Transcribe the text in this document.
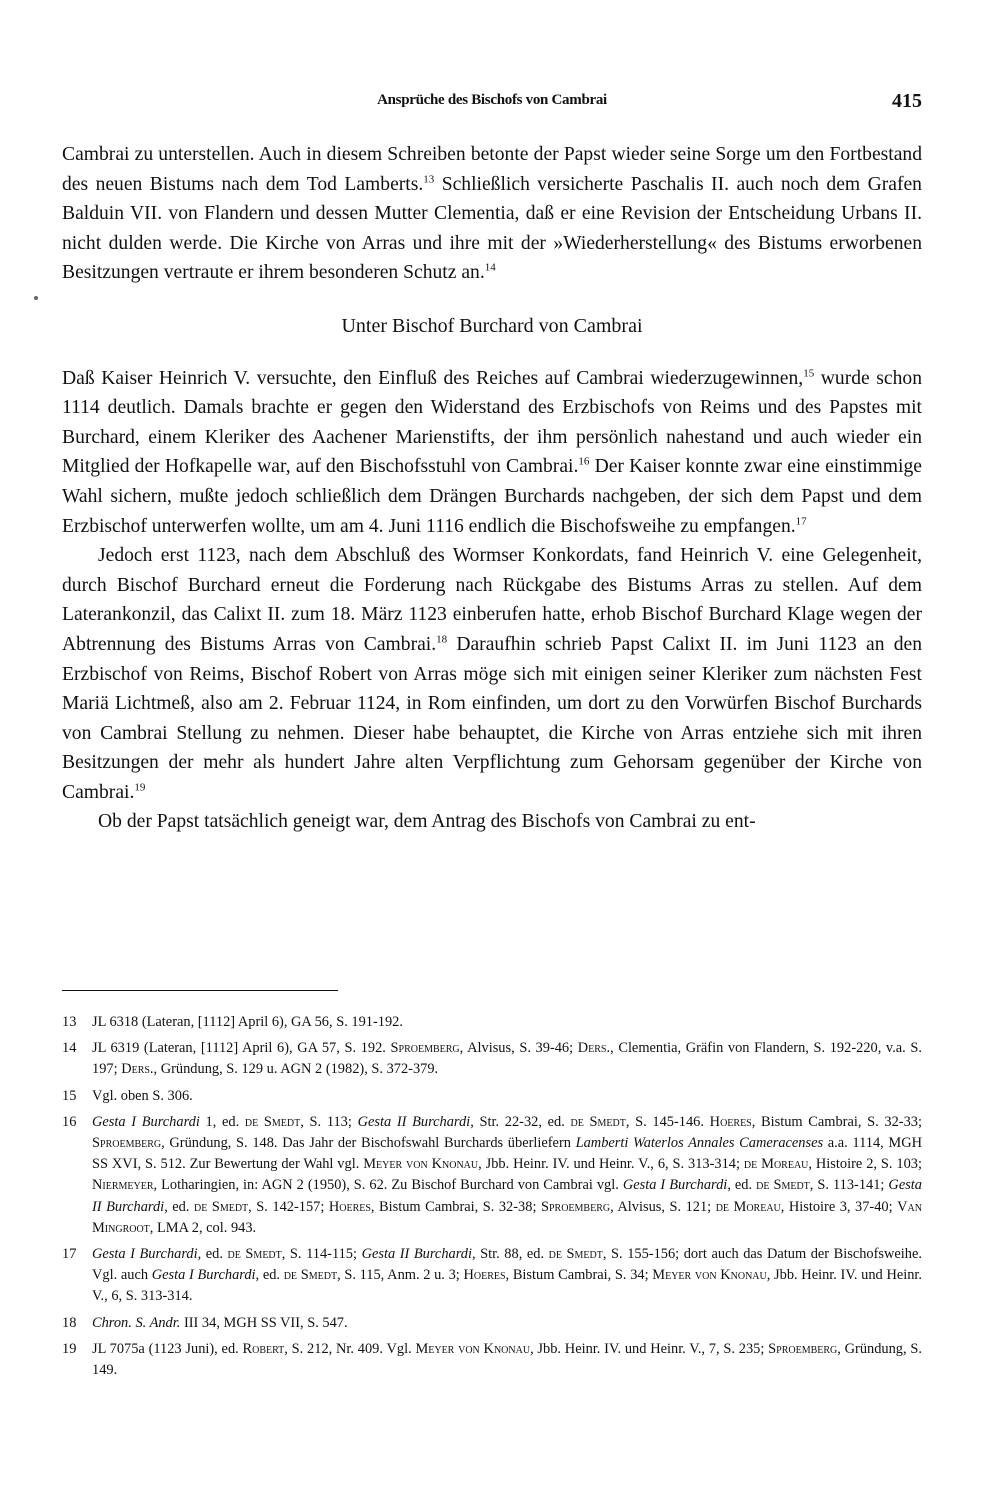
Ansprüche des Bischofs von Cambrai	415

Cambrai zu unterstellen. Auch in diesem Schreiben betonte der Papst wieder seine Sorge um den Fortbestand des neuen Bistums nach dem Tod Lamberts.$^{13}$ Schließlich versicherte Paschalis II. auch noch dem Grafen Balduin VII. von Flandern und dessen Mutter Clementia, daß er eine Revision der Entscheidung Urbans II. nicht dulden werde. Die Kirche von Arras und ihre mit der »Wiederherstellung« des Bistums erworbenen Besitzungen vertraute er ihrem besonderen Schutz an.$^{14}$

Unter Bischof Burchard von Cambrai

Daß Kaiser Heinrich V. versuchte, den Einfluß des Reiches auf Cambrai wiederzugewinnen,$^{15}$ wurde schon 1114 deutlich. Damals brachte er gegen den Widerstand des Erzbischofs von Reims und des Papstes mit Burchard, einem Kleriker des Aachener Marienstifts, der ihm persönlich nahestand und auch wieder ein Mitglied der Hofkapelle war, auf den Bischofsstuhl von Cambrai.$^{16}$ Der Kaiser konnte zwar eine einstimmige Wahl sichern, mußte jedoch schließlich dem Drängen Burchards nachgeben, der sich dem Papst und dem Erzbischof unterwerfen wollte, um am 4. Juni 1116 endlich die Bischofsweihe zu empfangen.$^{17}$

Jedoch erst 1123, nach dem Abschluß des Wormser Konkordats, fand Heinrich V. eine Gelegenheit, durch Bischof Burchard erneut die Forderung nach Rückgabe des Bistums Arras zu stellen. Auf dem Laterankonzil, das Calixt II. zum 18. März 1123 einberufen hatte, erhob Bischof Burchard Klage wegen der Abtrennung des Bistums Arras von Cambrai.$^{18}$ Daraufhin schrieb Papst Calixt II. im Juni 1123 an den Erzbischof von Reims, Bischof Robert von Arras möge sich mit einigen seiner Kleriker zum nächsten Fest Mariä Lichtmeß, also am 2. Februar 1124, in Rom einfinden, um dort zu den Vorwürfen Bischof Burchards von Cambrai Stellung zu nehmen. Dieser habe behauptet, die Kirche von Arras entziehe sich mit ihren Besitzungen der mehr als hundert Jahre alten Verpflichtung zum Gehorsam gegenüber der Kirche von Cambrai.$^{19}$

Ob der Papst tatsächlich geneigt war, dem Antrag des Bischofs von Cambrai zu ent-

13 JL 6318 (Lateran, [1112] April 6), GA 56, S. 191-192.

14 JL 6319 (Lateran, [1112] April 6), GA 57, S. 192. Sproemberg, Alvisus, S. 39-46; Ders., Clementia, Gräfin von Flandern, S. 192-220, v.a. S. 197; Ders., Gründung, S. 129 u. AGN 2 (1982), S. 372-379.

15 Vgl. oben S. 306.

16 Gesta I Burchardi 1, ed. de Smedt, S. 113; Gesta II Burchardi, Str. 22-32, ed. de Smedt, S. 145-146. Hoeres, Bistum Cambrai, S. 32-33; Sproemberg, Gründung, S. 148. Das Jahr der Bischofswahl Burchards überliefern Lamberti Waterlos Annales Cameracenses a.a. 1114, MGH SS XVI, S. 512. Zur Bewertung der Wahl vgl. Meyer von Knonau, Jbb. Heinr. IV. und Heinr. V., 6, S. 313-314; de Moreau, Histoire 2, S. 103; Niermeyer, Lotharingien, in: AGN 2 (1950), S. 62. Zu Bischof Burchard von Cambrai vgl. Gesta I Burchardi, ed. de Smedt, S. 113-141; Gesta II Burchardi, ed. de Smedt, S. 142-157; Hoeres, Bistum Cambrai, S. 32-38; Sproemberg, Alvisus, S. 121; de Moreau, Histoire 3, 37-40; Van Mingroot, LMA 2, col. 943.

17 Gesta I Burchardi, ed. de Smedt, S. 114-115; Gesta II Burchardi, Str. 88, ed. de Smedt, S. 155-156; dort auch das Datum der Bischofsweihe. Vgl. auch Gesta I Burchardi, ed. de Smedt, S. 115, Anm. 2 u. 3; Hoeres, Bistum Cambrai, S. 34; Meyer von Knonau, Jbb. Heinr. IV. und Heinr. V., 6, S. 313-314.

18 Chron. S. Andr. III 34, MGH SS VII, S. 547.

19 JL 7075a (1123 Juni), ed. Robert, S. 212, Nr. 409. Vgl. Meyer von Knonau, Jbb. Heinr. IV. und Heinr. V., 7, S. 235; Sproemberg, Gründung, S. 149.
